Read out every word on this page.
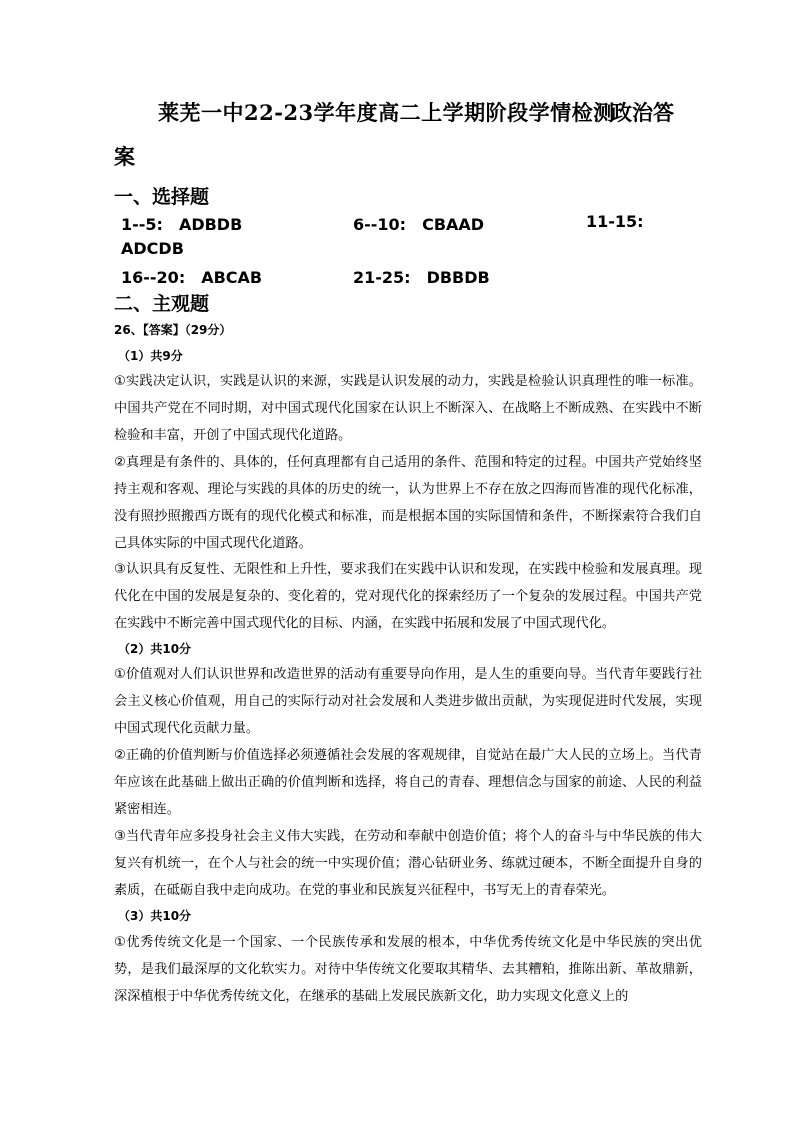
莱芜一中22-23学年度高二上学期阶段学情检测
政治答
案
一、选择题
1--5:　ADBDB	6--10:　CBAAD	11-15:
ADCDB
16--20:　ABCAB	21-25:　DBBDB
二、主观题
26、【答案】（29分）
（1）共9分

①实践决定认识，实践是认识的来源，实践是认识发展的动力，实践是检验认识真理性的唯一标准。中国共产党在不同时期，对中国式现代化国家在认识上不断深入、在战略上不断成熟、在实践中不断检验和丰富，开创了中国式现代化道路。

②真理是有条件的、具体的，任何真理都有自己适用的条件、范围和特定的过程。中国共产党始终坚持主观和客观、理论与实践的具体的历史的统一，认为世界上不存在放之四海而皆准的现代化标准，没有照抄照搬西方既有的现代化模式和标准，而是根据本国的实际国情和条件，不断探索符合我们自己具体实际的中国式现代化道路。

③认识具有反复性、无限性和上升性，要求我们在实践中认识和发现，在实践中检验和发展真理。现代化在中国的发展是复杂的、变化着的，党对现代化的探索经历了一个复杂的发展过程。中国共产党在实践中不断完善中国式现代化的目标、内涵，在实践中拓展和发展了中国式现代化。

（2）共10分

①价值观对人们认识世界和改造世界的活动有重要导向作用，是人生的重要向导。当代青年要践行社会主义核心价值观，用自己的实际行动对社会发展和人类进步做出贡献，为实现促进时代发展，实现中国式现代化贡献力量。

②正确的价值判断与价值选择必须遵循社会发展的客观规律，自觉站在最广大人民的立场上。当代青年应该在此基础上做出正确的价值判断和选择，将自己的青春、理想信念与国家的前途、人民的利益紧密相连。

③当代青年应多投身社会主义伟大实践，在劳动和奉献中创造价值；将个人的奋斗与中华民族的伟大复兴有机统一，在个人与社会的统一中实现价值；潜心钻研业务、练就过硬本，不断全面提升自身的素质，在砥砺自我中走向成功。在党的事业和民族复兴征程中，书写无上的青春荣光。

（3）共10分

①优秀传统文化是一个国家、一个民族传承和发展的根本，中华优秀传统文化是中华民族的突出优势，是我们最深厚的文化软实力。对待中华传统文化要取其精华、去其糟粕，推陈出新、革故鼎新，深深植根于中华优秀传统文化，在继承的基础上发展民族新文化，助力实现文化意义上的
